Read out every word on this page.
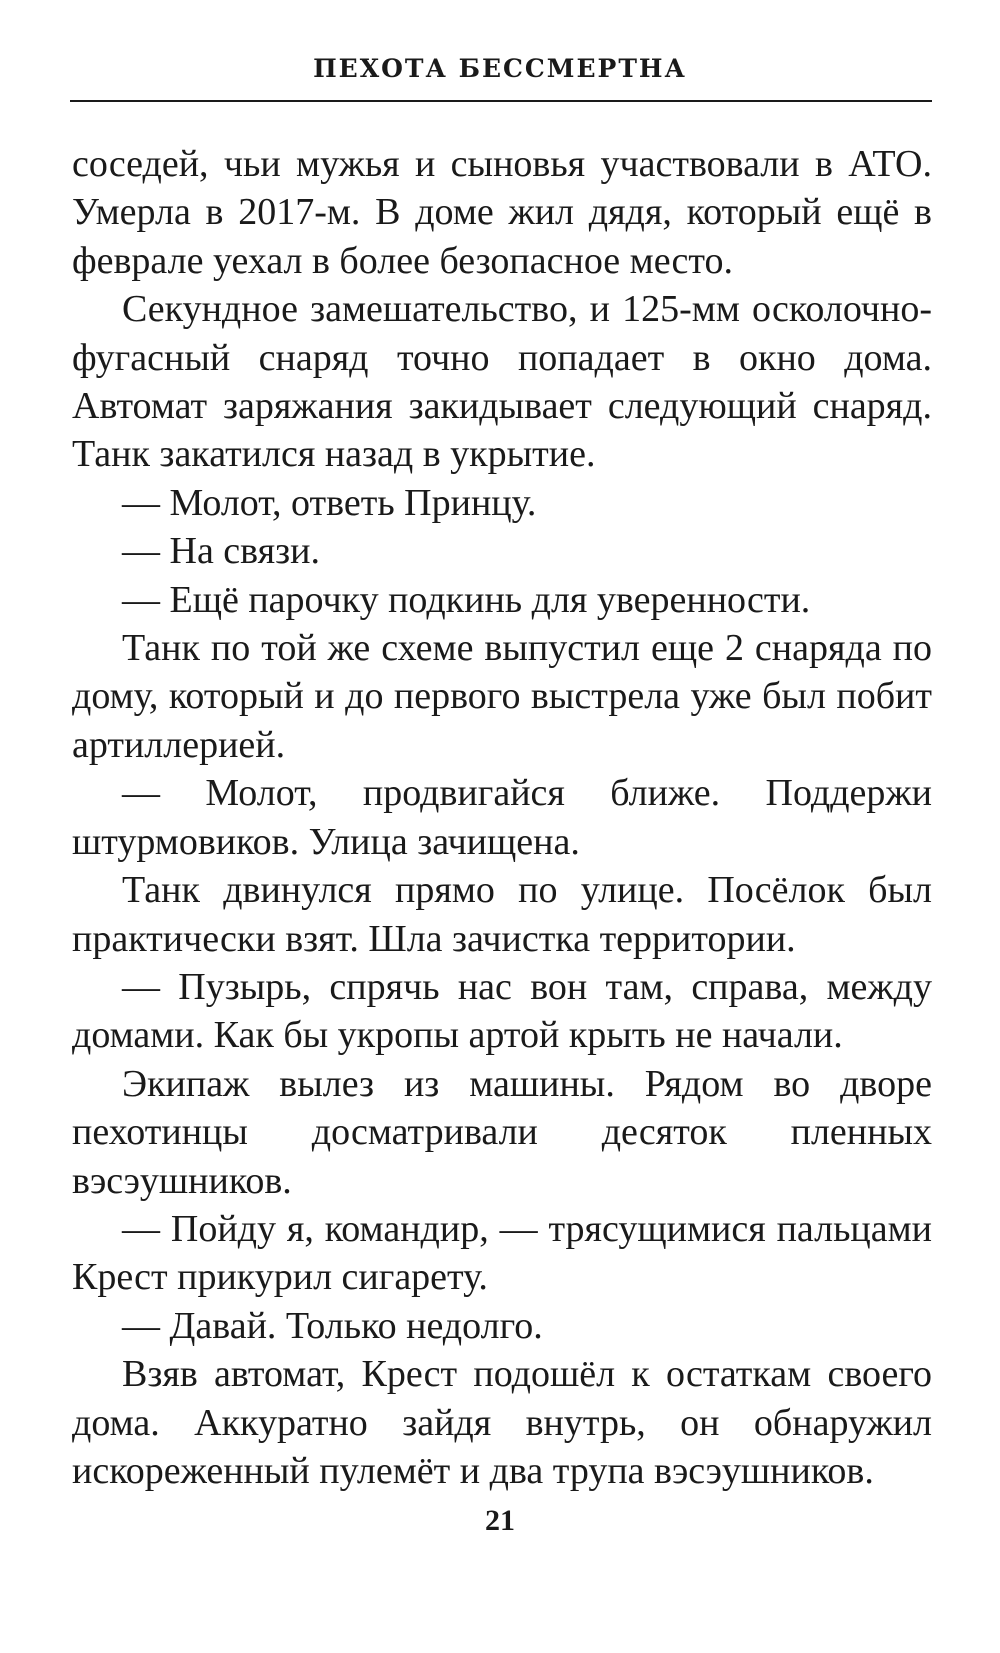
ПЕХОТА БЕССМЕРТНА

соседей, чьи мужья и сыновья участвовали в АТО. Умерла в 2017-м. В доме жил дядя, который ещё в феврале уехал в более безопасное место.

Секундное замешательство, и 125-мм осколочно-фугасный снаряд точно попадает в окно дома. Автомат заряжания закидывает следующий снаряд. Танк закатился назад в укрытие.

— Молот, ответь Принцу.

— На связи.

— Ещё парочку подкинь для уверенности.

Танк по той же схеме выпустил еще 2 снаряда по дому, который и до первого выстрела уже был побит артиллерией.

— Молот, продвигайся ближе. Поддержи штурмовиков. Улица зачищена.

Танк двинулся прямо по улице. Посёлок был практически взят. Шла зачистка территории.

— Пузырь, спрячь нас вон там, справа, между домами. Как бы укропы артой крыть не начали.

Экипаж вылез из машины. Рядом во дворе пехотинцы досматривали десяток пленных вэсэушников.

— Пойду я, командир, — трясущимися пальцами Крест прикурил сигарету.

— Давай. Только недолго.

Взяв автомат, Крест подошёл к остаткам своего дома. Аккуратно зайдя внутрь, он обнаружил искореженный пулемёт и два трупа вэсэушников.

21
